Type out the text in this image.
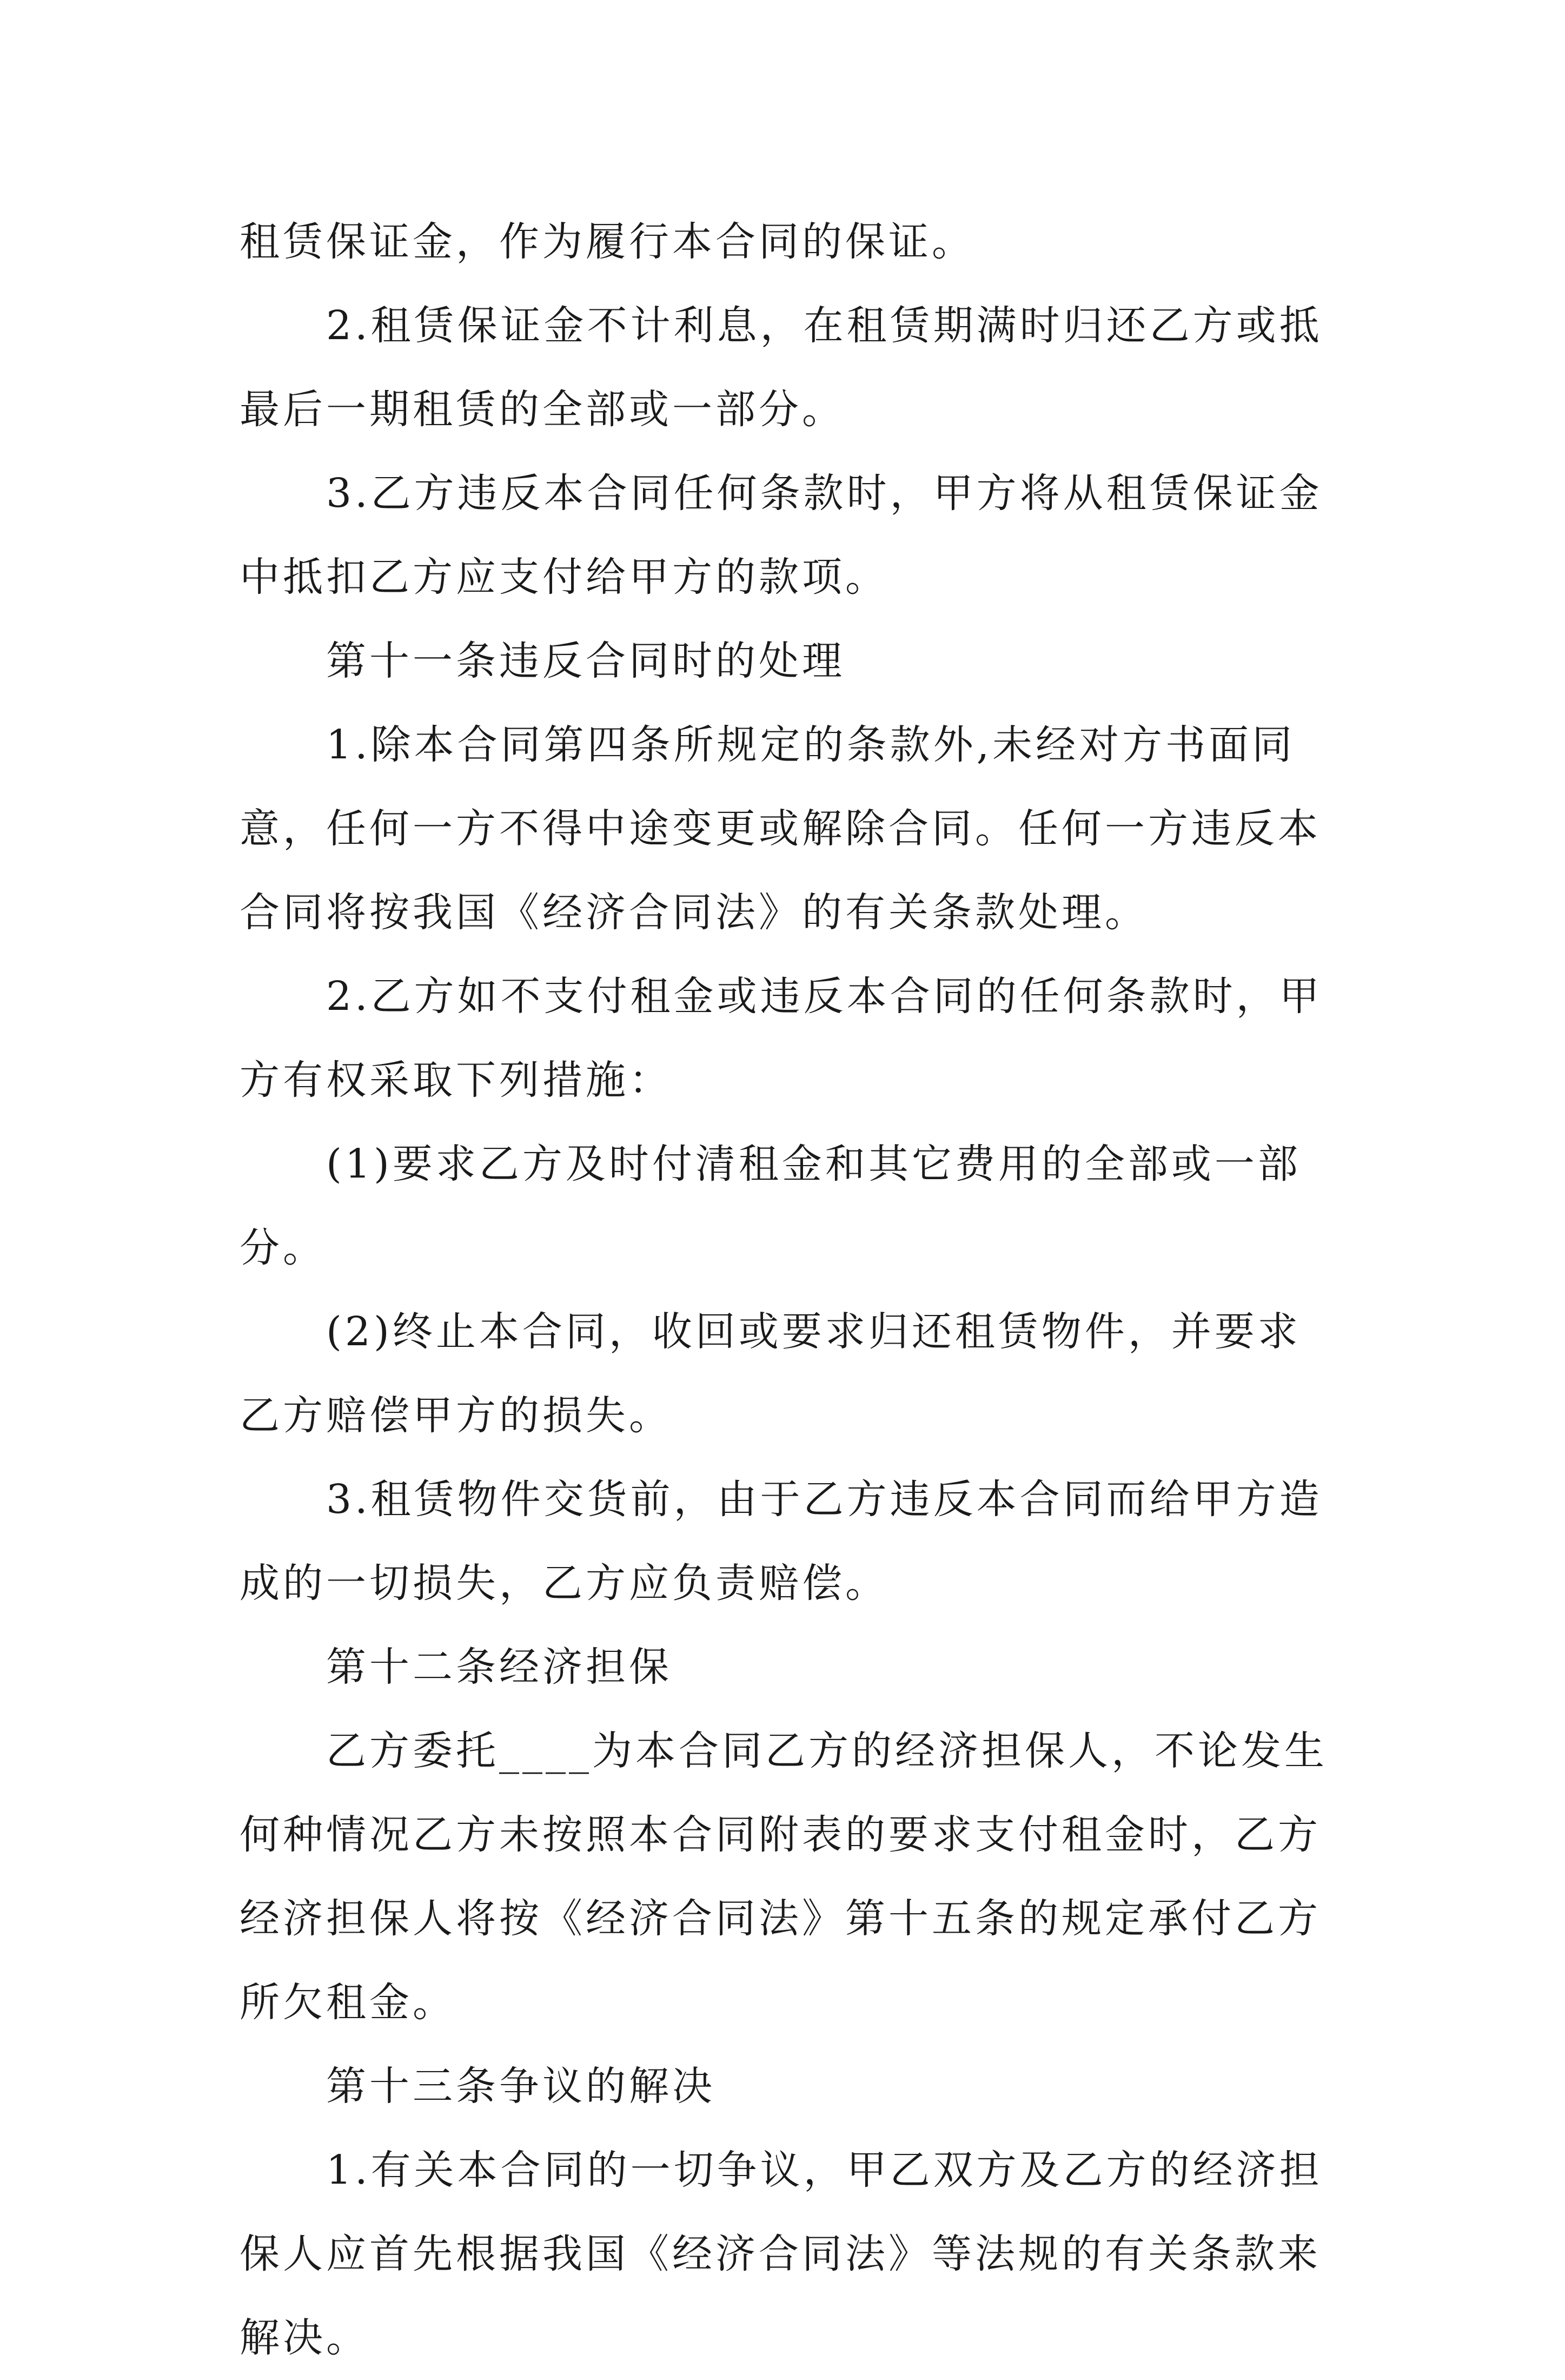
租赁保证金，作为履行本合同的保证。

2.租赁保证金不计利息，在租赁期满时归还乙方或抵最后一期租赁的全部或一部分。

3.乙方违反本合同任何条款时，甲方将从租赁保证金中抵扣乙方应支付给甲方的款项。

第十一条违反合同时的处理

1.除本合同第四条所规定的条款外,未经对方书面同意，任何一方不得中途变更或解除合同。任何一方违反本合同将按我国《经济合同法》的有关条款处理。

2.乙方如不支付租金或违反本合同的任何条款时，甲方有权采取下列措施：

(1)要求乙方及时付清租金和其它费用的全部或一部分。

(2)终止本合同，收回或要求归还租赁物件，并要求乙方赔偿甲方的损失。

3.租赁物件交货前，由于乙方违反本合同而给甲方造成的一切损失，乙方应负责赔偿。

第十二条经济担保

乙方委托____为本合同乙方的经济担保人，不论发生何种情况乙方未按照本合同附表的要求支付租金时，乙方经济担保人将按《经济合同法》第十五条的规定承付乙方所欠租金。

第十三条争议的解决

1.有关本合同的一切争议，甲乙双方及乙方的经济担保人应首先根据我国《经济合同法》等法规的有关条款来解决。
